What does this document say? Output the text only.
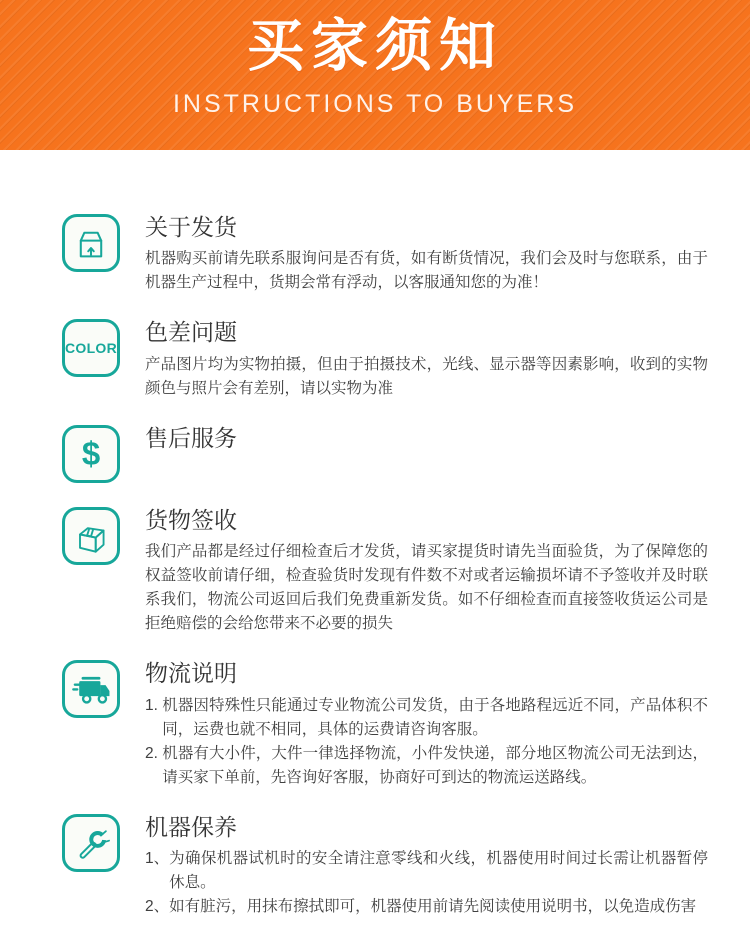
买家须知
INSTRUCTIONS TO BUYERS
关于发货
机器购买前请先联系服询问是否有货，如有断货情况，我们会及时与您联系，由于机器生产过程中，货期会常有浮动，以客服通知您的为准！
COLOR
色差问题
产品图片均为实物拍摄，但由于拍摄技术，光线、显示器等因素影响，收到的实物颜色与照片会有差别，请以实物为准
$ 售后服务
货物签收
我们产品都是经过仔细检查后才发货，请买家提货时请先当面验货，为了保障您的权益签收前请仔细，检查验货时发现有件数不对或者运输损坏请不予签收并及时联系我们，物流公司返回后我们免费重新发货。如不仔细检查而直接签收货运公司是拒绝赔偿的会给您带来不必要的损失
物流说明
1. 机器因特殊性只能通过专业物流公司发货，由于各地路程远近不同，产品体积不同，运费也就不相同，具体的运费请咨询客服。
2. 机器有大小件，大件一律选择物流，小件发快递，部分地区物流公司无法到达，请买家下单前，先咨询好客服，协商好可到达的物流运送路线。
机器保养
1、 为确保机器试机时的安全请注意零线和火线，机器使用时间过长需让机器暂停休息。
2、 如有脏污，用抹布擦拭即可，机器使用前请先阅读使用说明书，以免造成伤害
